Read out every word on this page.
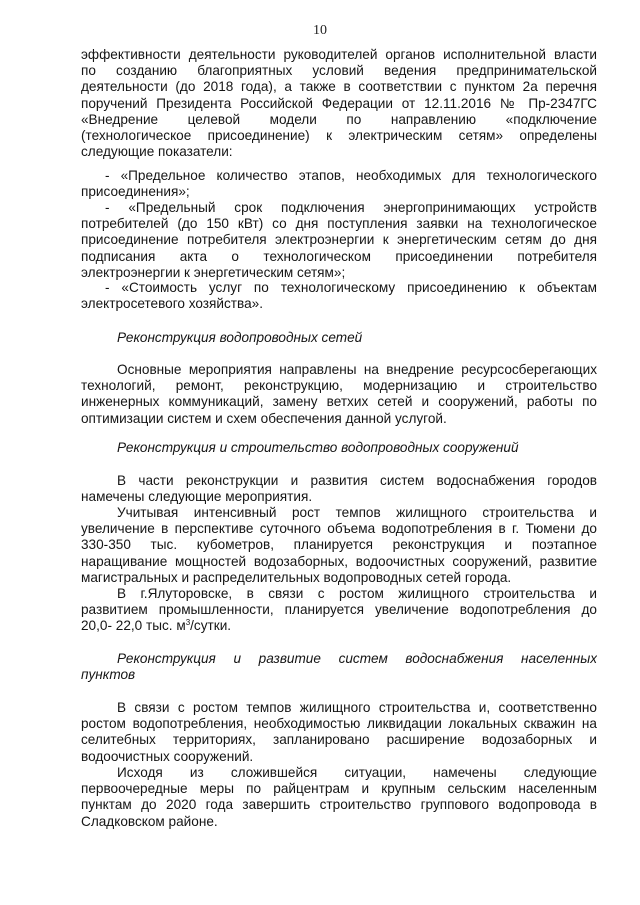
10
эффективности деятельности руководителей органов исполнительной власти
по созданию благоприятных условий ведения предпринимательской
деятельности (до 2018 года), а также в соответствии с пунктом 2а перечня
поручений Президента Российской Федерации от 12.11.2016 № Пр-2347ГС
«Внедрение целевой модели по направлению «подключение
(технологическое присоединение) к электрическим сетям» определены
следующие показатели:
- «Предельное количество этапов, необходимых для технологического
присоединения»;
- «Предельный срок подключения энергопринимающих устройств
потребителей (до 150 кВт) со дня поступления заявки на технологическое
присоединение потребителя электроэнергии к энергетическим сетям до дня
подписания акта о технологическом присоединении потребителя
электроэнергии к энергетическим сетям»;
- «Стоимость услуг по технологическому присоединению к объектам
электросетевого хозяйства».
Реконструкция водопроводных сетей
Основные мероприятия направлены на внедрение ресурсосберегающих
технологий, ремонт, реконструкцию, модернизацию и строительство
инженерных коммуникаций, замену ветхих сетей и сооружений, работы по
оптимизации систем и схем обеспечения данной услугой.
Реконструкция и строительство водопроводных сооружений
В части реконструкции и развития систем водоснабжения городов
намечены следующие мероприятия.
Учитывая интенсивный рост темпов жилищного строительства и
увеличение в перспективе суточного объема водопотребления в г. Тюмени до
330-350 тыс. кубометров, планируется реконструкция и поэтапное
наращивание мощностей водозаборных, водоочистных сооружений, развитие
магистральных и распределительных водопроводных сетей города.
В г.Ялуторовске, в связи с ростом жилищного строительства и
развитием промышленности, планируется увеличение водопотребления до
20,0- 22,0 тыс. $м^3$/сутки.
Реконструкция и развитие систем водоснабжения населенных
пунктов
В связи с ростом темпов жилищного строительства и, соответственно
ростом водопотребления, необходимостью ликвидации локальных скважин на
селитебных территориях, запланировано расширение водозаборных и
водоочистных сооружений.
Исходя из сложившейся ситуации, намечены следующие
первоочередные меры по райцентрам и крупным сельским населенным
пунктам до 2020 года завершить строительство группового водопровода в
Сладковском районе.
